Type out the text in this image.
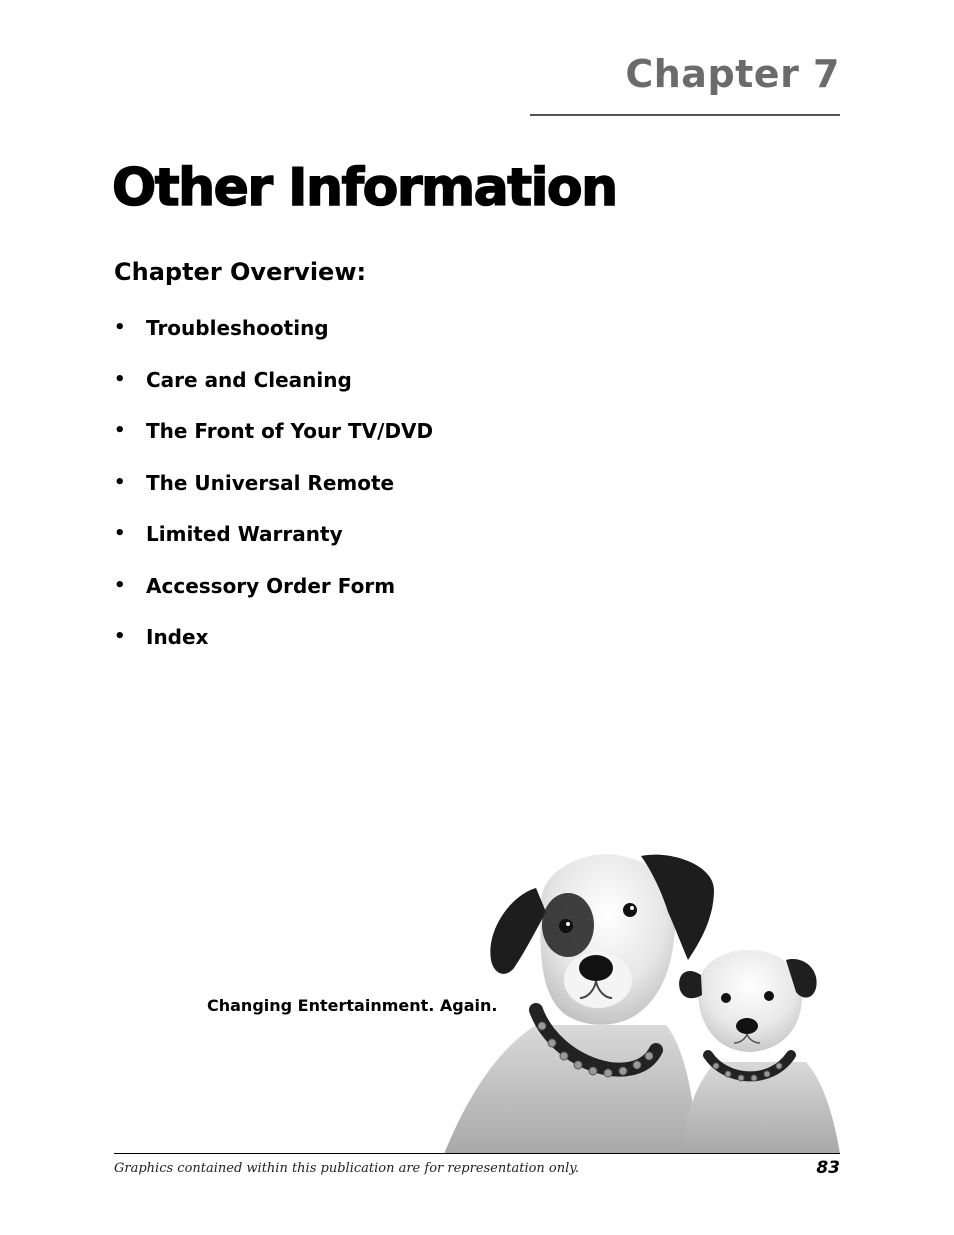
Chapter 7
Other Information
Chapter Overview:
•	Troubleshooting
•	Care and Cleaning
•	The Front of Your TV/DVD
•	The Universal Remote
•	Limited Warranty
•	Accessory Order Form
•	Index
Changing Entertainment. Again.
Graphics contained within this publication are for representation only.	83
